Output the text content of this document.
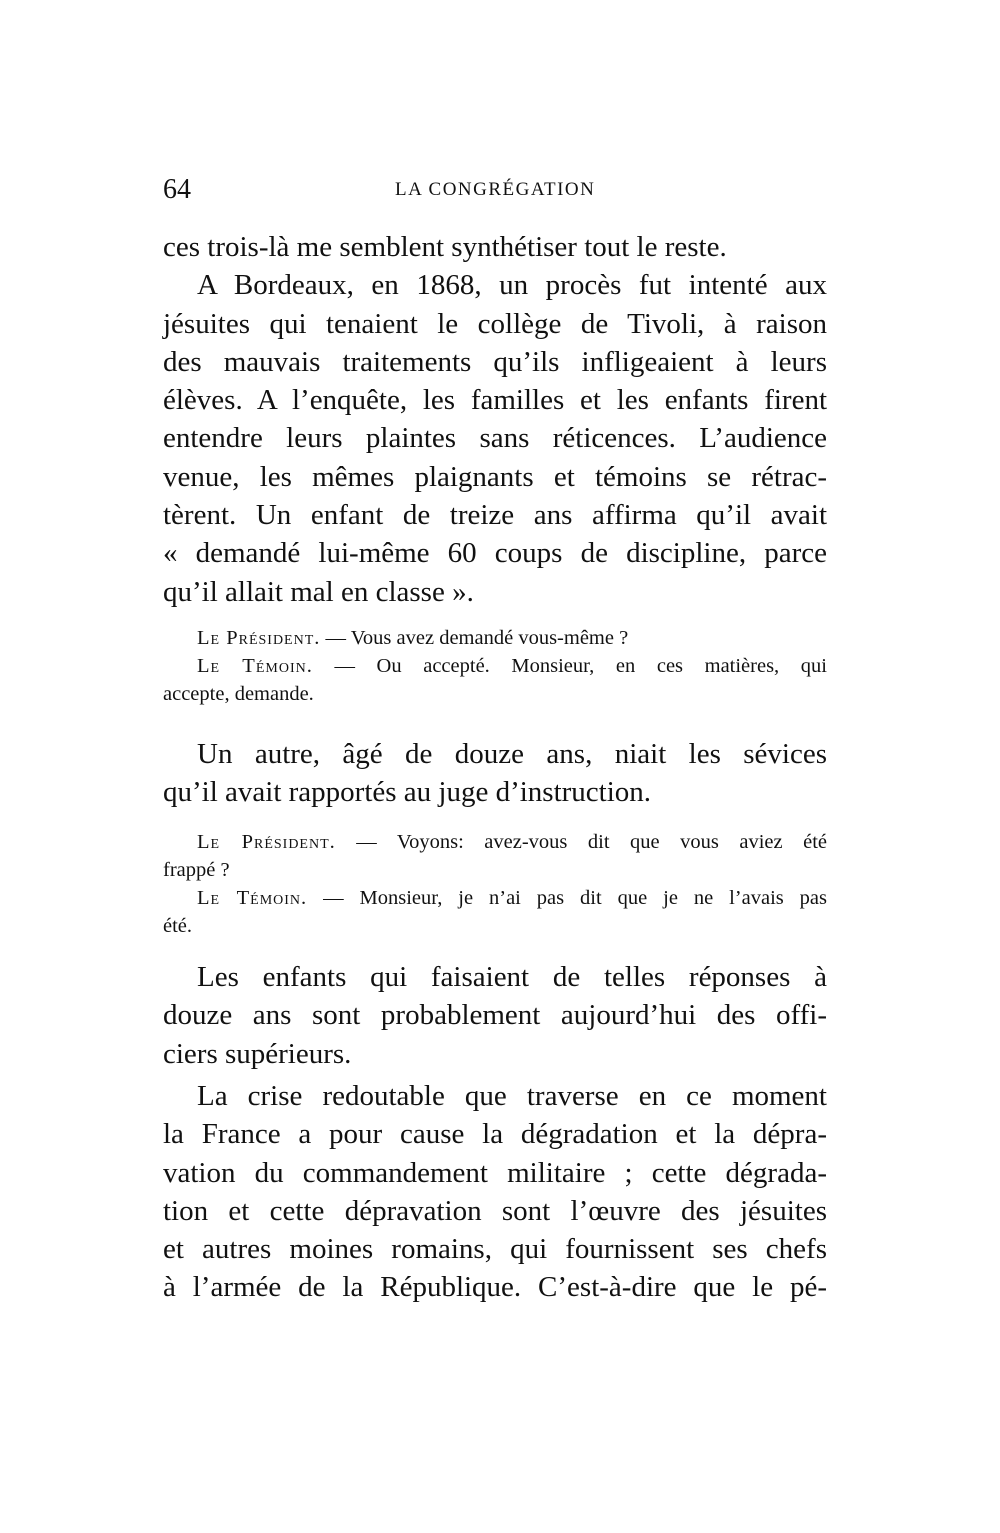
64	LA CONGRÉGATION
ces trois-là me semblent synthétiser tout le reste.
A Bordeaux, en 1868, un procès fut intenté aux
jésuites qui tenaient le collège de Tivoli, à raison
des mauvais traitements qu’ils infligeaient à leurs
élèves. A l’enquête, les familles et les enfants firent
entendre leurs plaintes sans réticences. L’audience
venue, les mêmes plaignants et témoins se rétrac-
tèrent. Un enfant de treize ans affirma qu’il avait
« demandé lui-même 60 coups de discipline, parce
qu’il allait mal en classe ».
Le Président. — Vous avez demandé vous-même ?
Le Témoin. — Ou accepté. Monsieur, en ces matières, qui
accepte, demande.
Un autre, âgé de douze ans, niait les sévices
qu’il avait rapportés au juge d’instruction.
Le Président. — Voyons: avez-vous dit que vous aviez été
frappé ?
Le Témoin. — Monsieur, je n’ai pas dit que je ne l’avais pas
été.
Les enfants qui faisaient de telles réponses à
douze ans sont probablement aujourd’hui des offi-
ciers supérieurs.
La crise redoutable que traverse en ce moment
la France a pour cause la dégradation et la dépra-
vation du commandement militaire ; cette dégrada-
tion et cette dépravation sont l’œuvre des jésuites
et autres moines romains, qui fournissent ses chefs
à l’armée de la République. C’est-à-dire que le pé-
